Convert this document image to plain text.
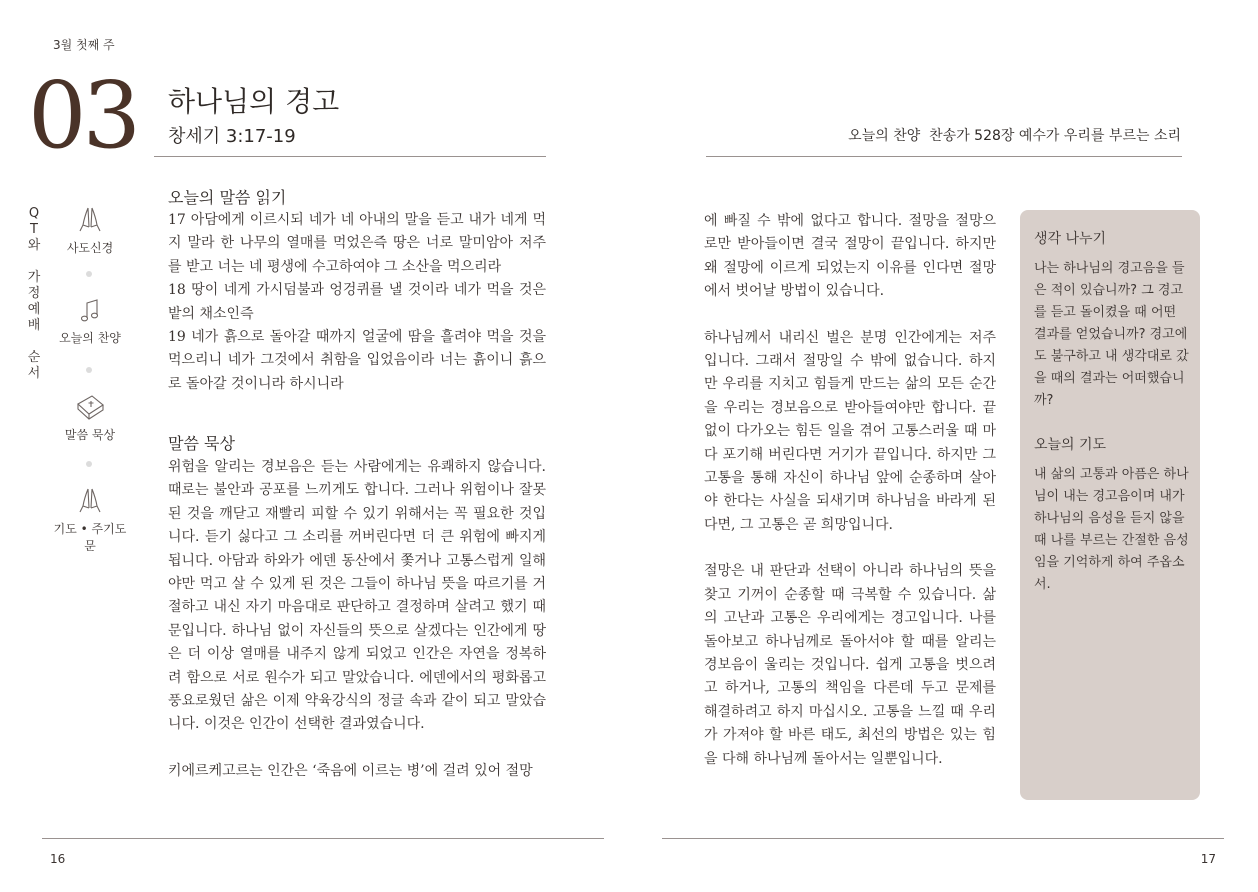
3월 첫째 주
03 하나님의 경고
창세기 3:17-19	오늘의 찬양 찬송가 528장 예수가 우리를 부르는 소리
Q
T
와
가
정
예
배
순
서
사도신경
오늘의 찬양
말씀 묵상
기도 • 주기도문
오늘의 말씀 읽기
17 아담에게 이르시되 네가 네 아내의 말을 듣고 내가 네게 먹지 말라 한 나무의 열매를 먹었은즉 땅은 너로 말미암아 저주를 받고 너는 네 평생에 수고하여야 그 소산을 먹으리라
18 땅이 네게 가시덤불과 엉겅퀴를 낼 것이라 네가 먹을 것은 밭의 채소인즉
19 네가 흙으로 돌아갈 때까지 얼굴에 땀을 흘려야 먹을 것을 먹으리니 네가 그것에서 취함을 입었음이라 너는 흙이니 흙으로 돌아갈 것이니라 하시니라
말씀 묵상

위험을 알리는 경보음은 듣는 사람에게는 유쾌하지 않습니다. 때로는 불안과 공포를 느끼게도 합니다. 그러나 위험이나 잘못된 것을 깨닫고 재빨리 피할 수 있기 위해서는 꼭 필요한 것입니다. 듣기 싫다고 그 소리를 꺼버린다면 더 큰 위험에 빠지게 됩니다. 아담과 하와가 에덴 동산에서 쫓거나 고통스럽게 일해야만 먹고 살 수 있게 된 것은 그들이 하나님 뜻을 따르기를 거절하고 내신 자기 마음대로 판단하고 결정하며 살려고 했기 때문입니다. 하나님 없이 자신들의 뜻으로 살겠다는 인간에게 땅은 더 이상 열매를 내주지 않게 되었고 인간은 자연을 정복하려 함으로 서로 원수가 되고 말았습니다. 에덴에서의 평화롭고 풍요로웠던 삶은 이제 약육강식의 정글 속과 같이 되고 말았습니다. 이것은 인간이 선택한 결과였습니다.

키에르케고르는 인간은 ‘죽음에 이르는 병’에 걸려 있어 절망

에 빠질 수 밖에 없다고 합니다. 절망을 절망으로만 받아들이면 결국 절망이 끝입니다. 하지만 왜 절망에 이르게 되었는지 이유를 인다면 절망에서 벗어날 방법이 있습니다.

하나님께서 내리신 벌은 분명 인간에게는 저주입니다. 그래서 절망일 수 밖에 없습니다. 하지만 우리를 지치고 힘들게 만드는 삶의 모든 순간을 우리는 경보음으로 받아들여야만 합니다. 끝없이 다가오는 힘든 일을 겪어 고통스러울 때 마다 포기해 버린다면 거기가 끝입니다. 하지만 그 고통을 통해 자신이 하나님 앞에 순종하며 살아야 한다는 사실을 되새기며 하나님을 바라게 된다면, 그 고통은 곧 희망입니다.

절망은 내 판단과 선택이 아니라 하나님의 뜻을 찾고 기꺼이 순종할 때 극복할 수 있습니다. 삶의 고난과 고통은 우리에게는 경고입니다. 나를 돌아보고 하나님께로 돌아서야 할 때를 알리는 경보음이 울리는 것입니다. 쉽게 고통을 벗으려고 하거나, 고통의 책임을 다른데 두고 문제를 해결하려고 하지 마십시오. 고통을 느낄 때 우리가 가져야 할 바른 태도, 최선의 방법은 있는 힘을 다해 하나님께 돌아서는 일뿐입니다.

생각 나누기

나는 하나님의 경고음을 들은 적이 있습니까? 그 경고를 듣고 돌이켰을 때 어떤 결과를 얻었습니까? 경고에도 불구하고 내 생각대로 갔을 때의 결과는 어떠했습니까?

오늘의 기도

내 삶의 고통과 아픔은 하나님이 내는 경고음이며 내가 하나님의 음성을 듣지 않을 때 나를 부르는 간절한 음성임을 기억하게 하여 주옵소서.

16	17
